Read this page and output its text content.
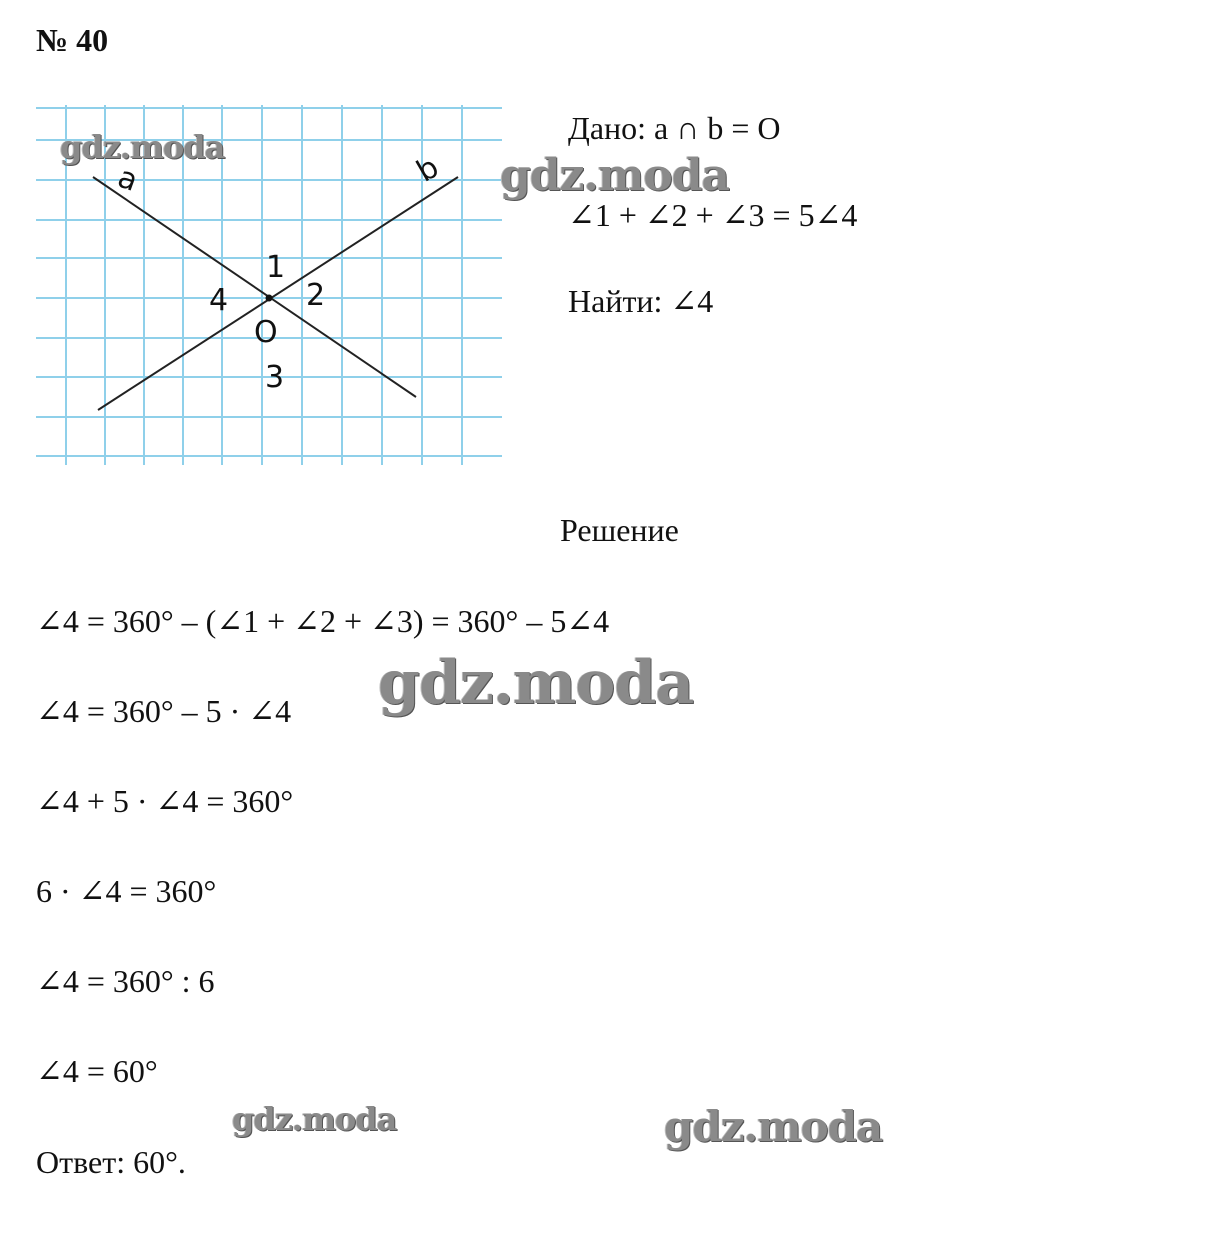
№ 40
a	b
O
1
2
3
4
Дано: a ∩ b = O
∠1 + ∠2 + ∠3 = 5∠4
Найти: ∠4
Решение
∠4 = 360° – (∠1 + ∠2 + ∠3) = 360° – 5∠4
∠4 = 360° – 5 · ∠4
∠4 + 5 · ∠4 = 360°
6 · ∠4 = 360°
∠4 = 360° : 6
∠4 = 60°
Ответ: 60°.
gdz.moda
gdz.moda
gdz.moda
gdz.moda	gdz.moda
